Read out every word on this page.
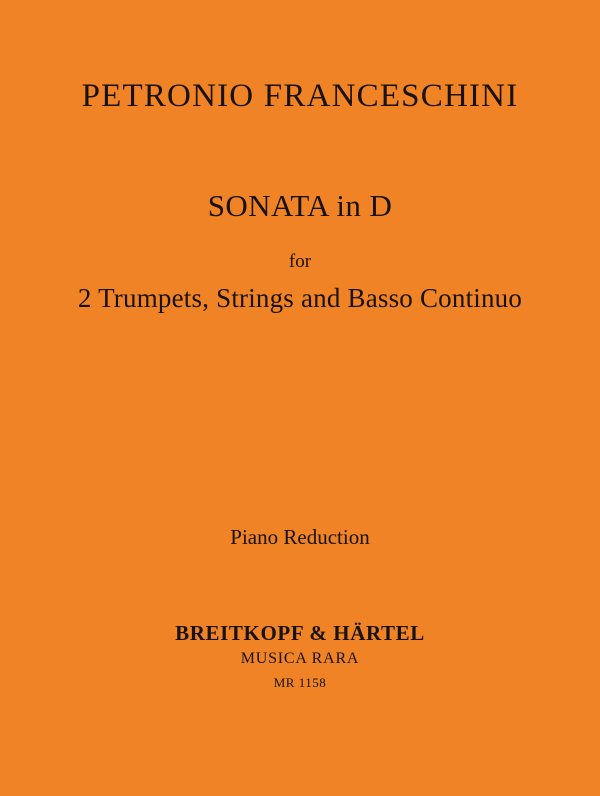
PETRONIO FRANCESCHINI
SONATA in D
for
2 Trumpets, Strings and Basso Continuo
Piano Reduction
BREITKOPF & HÄRTEL
MUSICA RARA
MR 1158
